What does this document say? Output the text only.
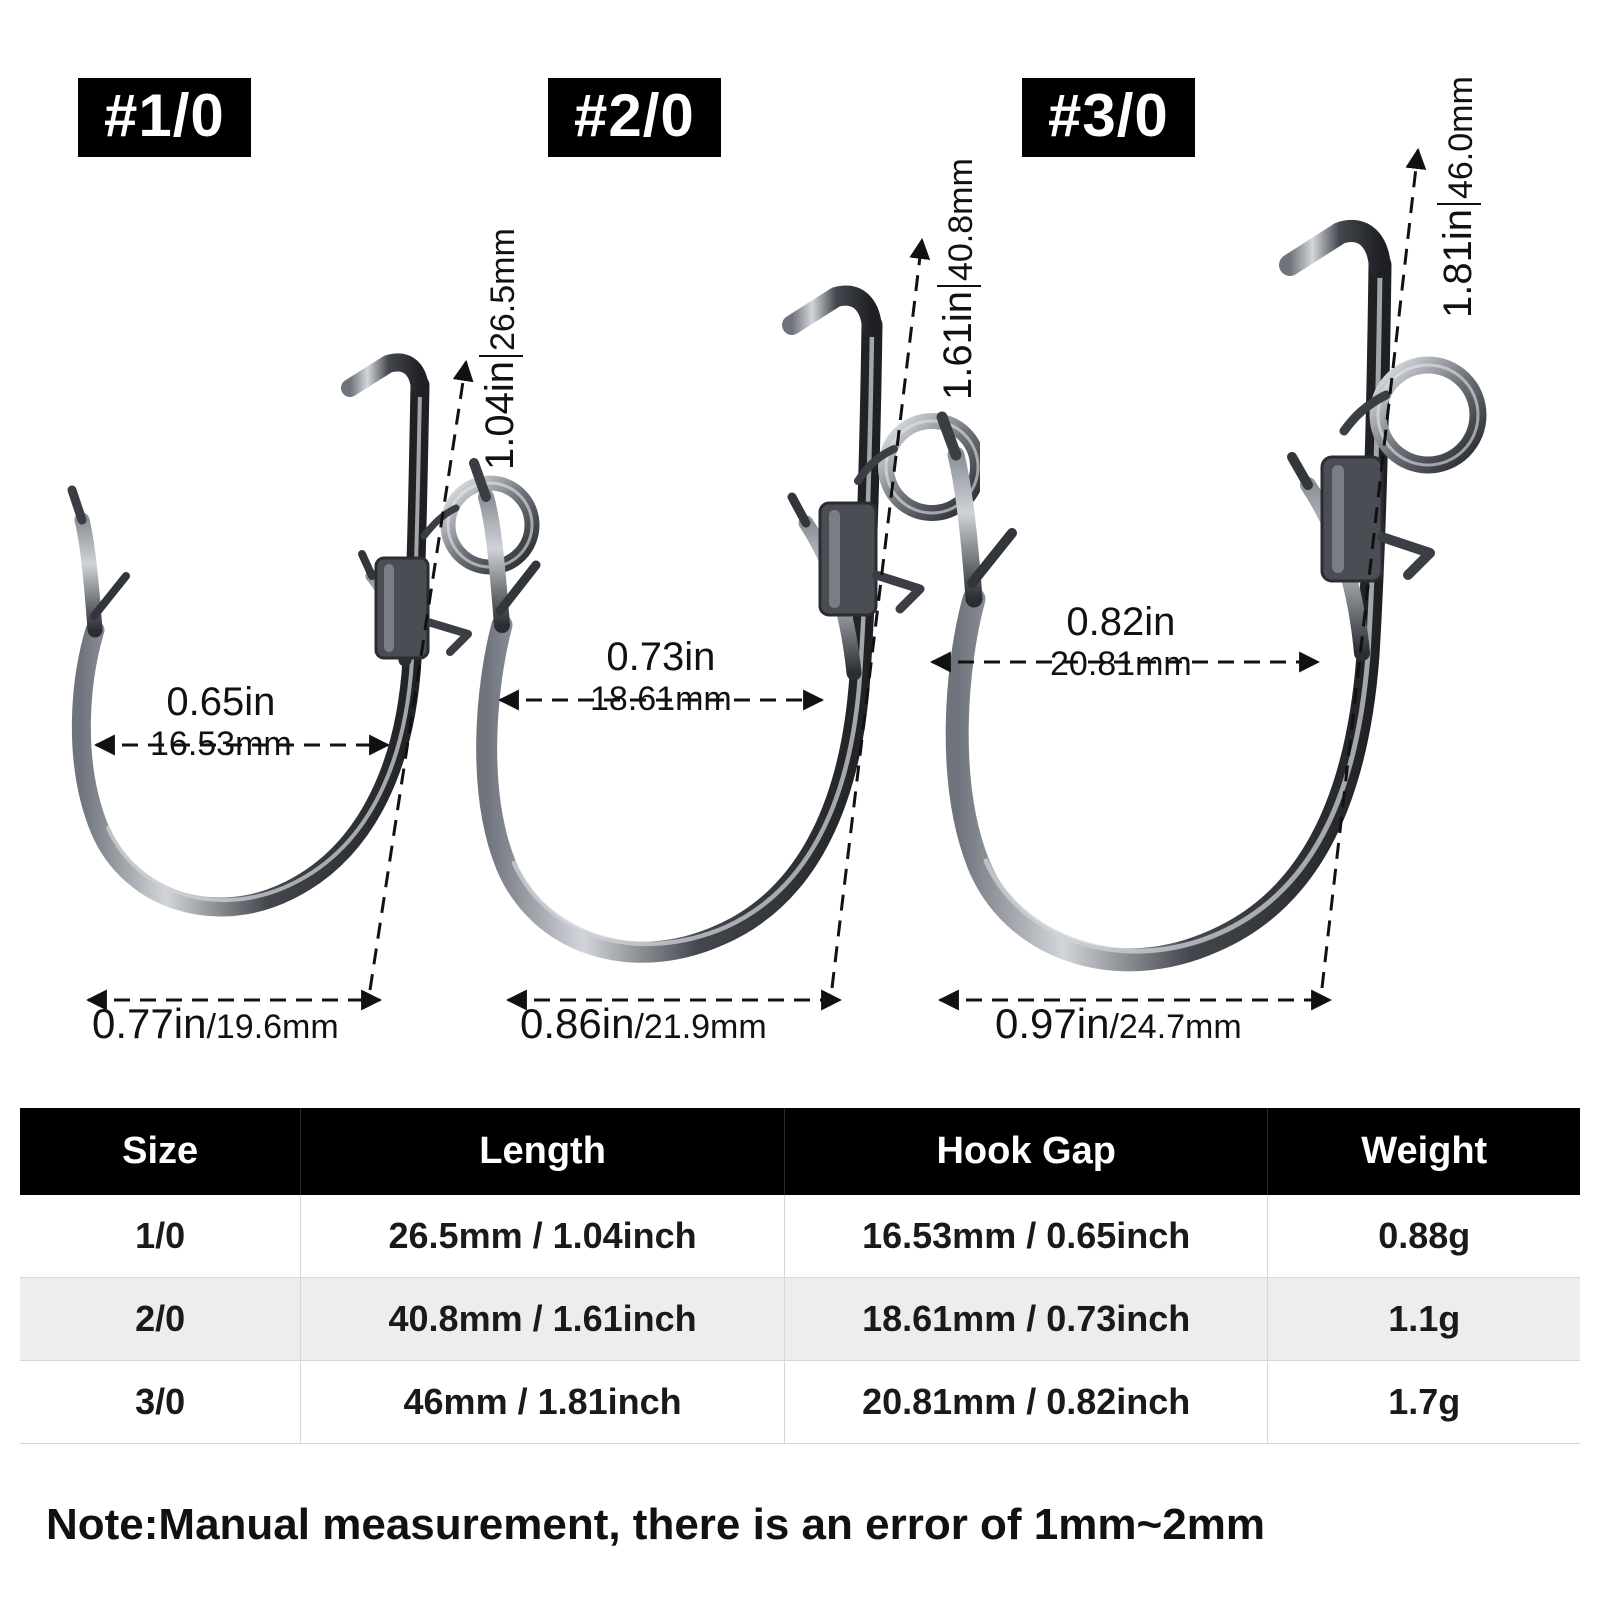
#1/0	#2/0	#3/0
0.65in
16.53mm
0.73in
18.61mm
0.82in
20.81mm
1.04in
26.5mm	1.61in
40.8mm	1.81in
46.0mm
0.77in/19.6mm	0.86in/21.9mm	0.97in/24.7mm
Size	Length	Hook Gap	Weight
1/0	26.5mm / 1.04inch	16.53mm / 0.65inch	0.88g
2/0	40.8mm / 1.61inch	18.61mm / 0.73inch	1.1g
3/0	46mm / 1.81inch	20.81mm / 0.82inch	1.7g
Note:Manual measurement, there is an error of 1mm~2mm
